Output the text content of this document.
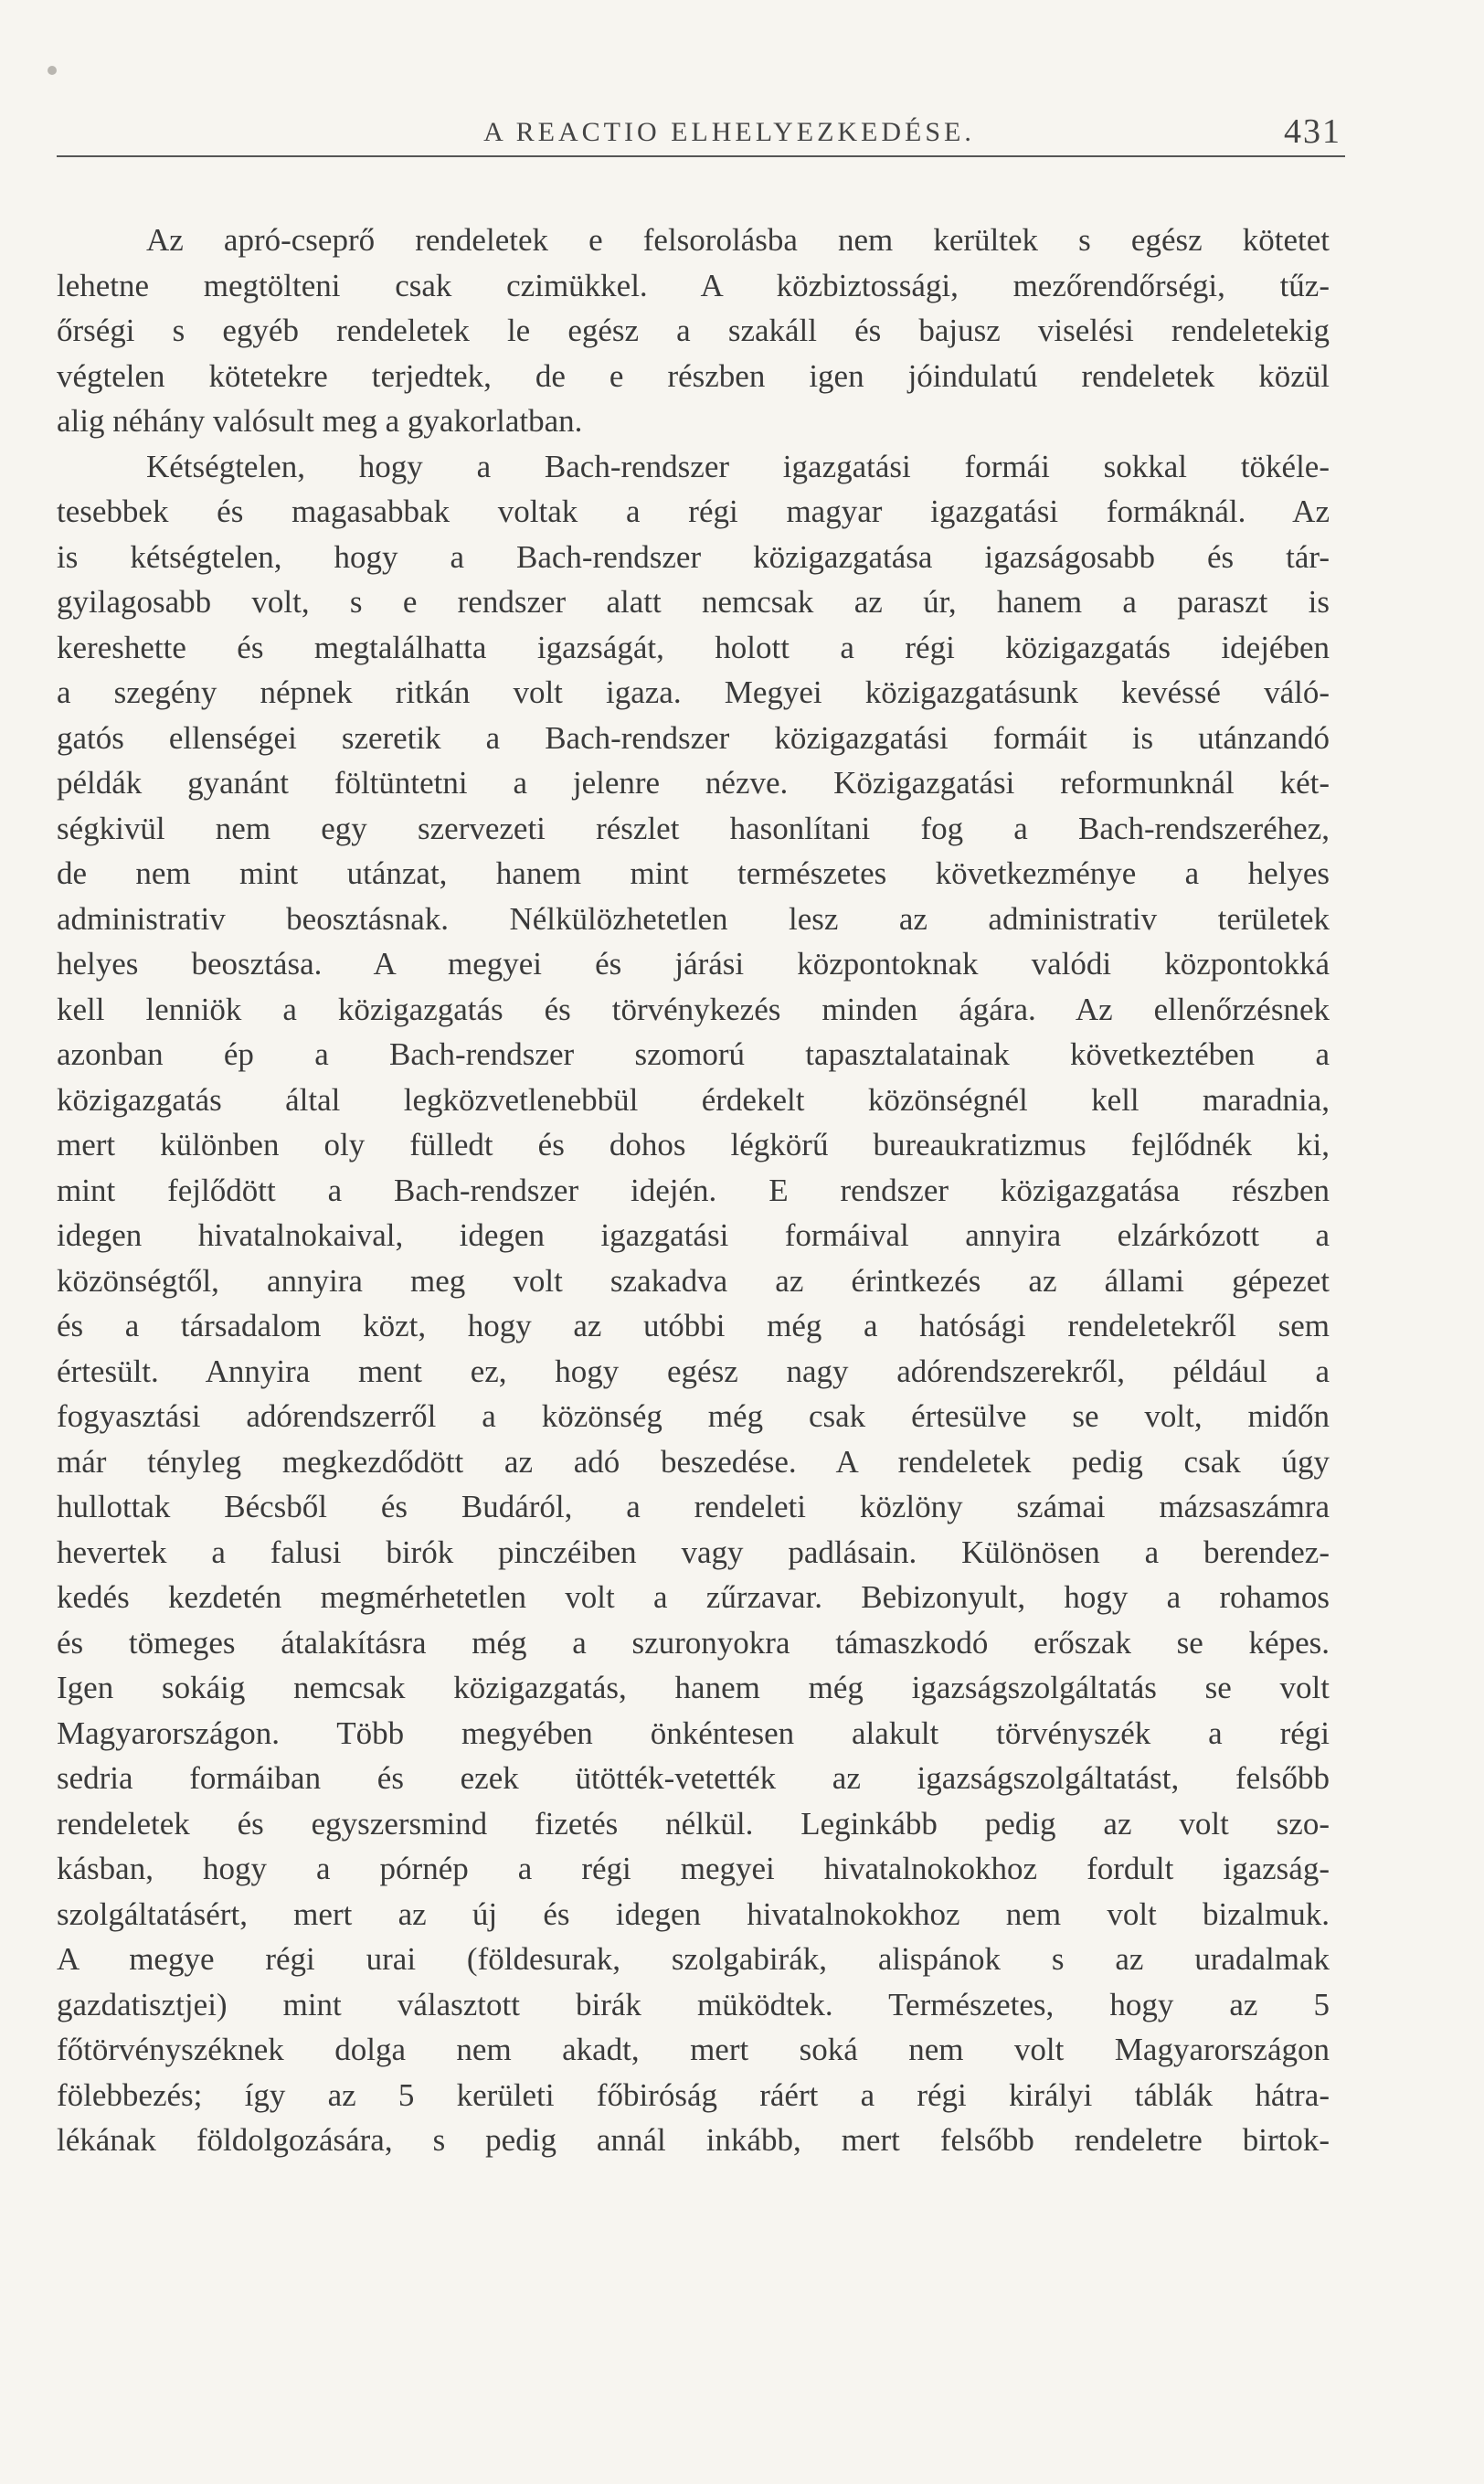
A REACTIO ELHELYEZKEDÉSE.	431
Az apró-cseprő rendeletek e felsorolásba nem kerültek s egész kötetet
lehetne megtölteni csak czimükkel. A közbiztossági, mezőrendőrségi, tűz-
őrségi s egyéb rendeletek le egész a szakáll és bajusz viselési rendeletekig
végtelen kötetekre terjedtek, de e részben igen jóindulatú rendeletek közül
alig néhány valósult meg a gyakorlatban.
Kétségtelen, hogy a Bach-rendszer igazgatási formái sokkal tökéle-
tesebbek és magasabbak voltak a régi magyar igazgatási formáknál. Az
is kétségtelen, hogy a Bach-rendszer közigazgatása igazságosabb és tár-
gyilagosabb volt, s e rendszer alatt nemcsak az úr, hanem a paraszt is
kereshette és megtalálhatta igazságát, holott a régi közigazgatás idejében
a szegény népnek ritkán volt igaza. Megyei közigazgatásunk kevéssé váló-
gatós ellenségei szeretik a Bach-rendszer közigazgatási formáit is utánzandó
példák gyanánt föltüntetni a jelenre nézve. Közigazgatási reformunknál két-
ségkivül nem egy szervezeti részlet hasonlítani fog a Bach-rendszeréhez,
de nem mint utánzat, hanem mint természetes következménye a helyes
administrativ beosztásnak. Nélkülözhetetlen lesz az administrativ területek
helyes beosztása. A megyei és járási központoknak valódi központokká
kell lenniök a közigazgatás és törvénykezés minden ágára. Az ellenőrzésnek
azonban ép a Bach-rendszer szomorú tapasztalatainak következtében a
közigazgatás által legközvetlenebbül érdekelt közönségnél kell maradnia,
mert különben oly fülledt és dohos légkörű bureaukratizmus fejlődnék ki,
mint fejlődött a Bach-rendszer idején. E rendszer közigazgatása részben
idegen hivatalnokaival, idegen igazgatási formáival annyira elzárkózott a
közönségtől, annyira meg volt szakadva az érintkezés az állami gépezet
és a társadalom közt, hogy az utóbbi még a hatósági rendeletekről sem
értesült. Annyira ment ez, hogy egész nagy adórendszerekről, például a
fogyasztási adórendszerről a közönség még csak értesülve se volt, midőn
már tényleg megkezdődött az adó beszedése. A rendeletek pedig csak úgy
hullottak Bécsből és Budáról, a rendeleti közlöny számai mázsaszámra
hevertek a falusi birók pinczéiben vagy padlásain. Különösen a berendez-
kedés kezdetén megmérhetetlen volt a zűrzavar. Bebizonyult, hogy a rohamos
és tömeges átalakításra még a szuronyokra támaszkodó erőszak se képes.
Igen sokáig nemcsak közigazgatás, hanem még igazságszolgáltatás se volt
Magyarországon. Több megyében önkéntesen alakult törvényszék a régi
sedria formáiban és ezek ütötték-vetették az igazságszolgáltatást, felsőbb
rendeletek és egyszersmind fizetés nélkül. Leginkább pedig az volt szo-
kásban, hogy a pórnép a régi megyei hivatalnokokhoz fordult igazság-
szolgáltatásért, mert az új és idegen hivatalnokokhoz nem volt bizalmuk.
A megye régi urai (földesurak, szolgabirák, alispánok s az uradalmak
gazdatisztjei) mint választott birák müködtek. Természetes, hogy az 5
főtörvényszéknek dolga nem akadt, mert soká nem volt Magyarországon
fölebbezés; így az 5 kerületi főbiróság ráért a régi királyi táblák hátra-
lékának földolgozására, s pedig annál inkább, mert felsőbb rendeletre birtok-
